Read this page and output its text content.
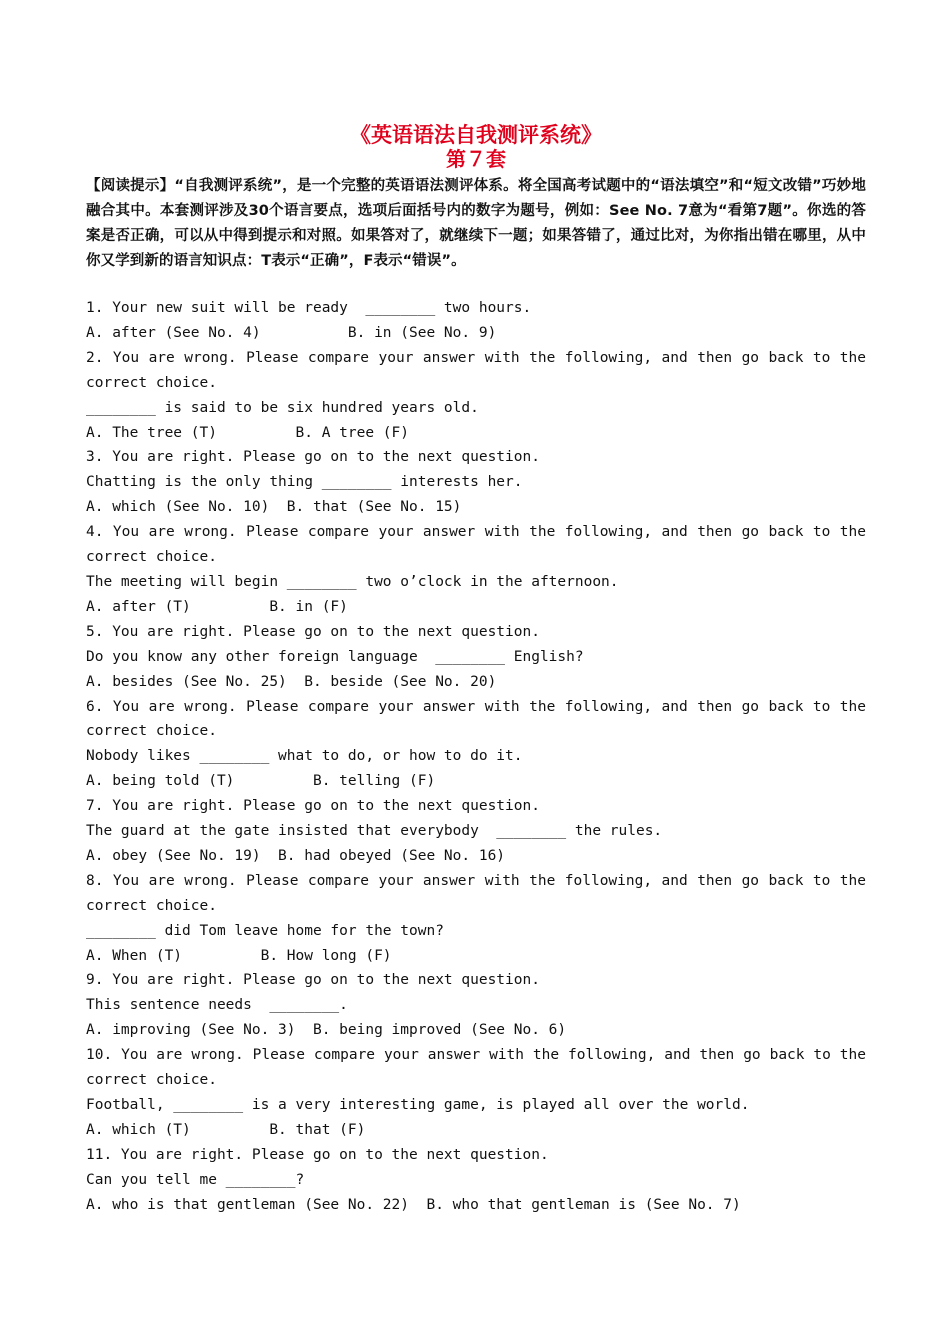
《英语语法自我测评系统》
第７套
【阅读提示】“自我测评系统”，是一个完整的英语语法测评体系。将全国高考试题中的“语法填空”和“短文改错”巧妙地融合其中。本套测评涉及30个语言要点，选项后面括号内的数字为题号，例如：See No. 7意为“看第7题”。你选的答案是否正确，可以从中得到提示和对照。如果答对了，就继续下一题；如果答错了，通过比对，为你指出错在哪里，从中你又学到新的语言知识点：T表示“正确”，F表示“错误”。
1. Your new suit will be ready  ________ two hours.
A. after (See No. 4)          B. in (See No. 9)
2. You are wrong. Please compare your answer with the following, and then go back to the correct choice.
________ is said to be six hundred years old.
A. The tree (T)         B. A tree (F)
3. You are right. Please go on to the next question.
Chatting is the only thing ________ interests her.
A. which (See No. 10)  B. that (See No. 15)
4. You are wrong. Please compare your answer with the following, and then go back to the correct choice.
The meeting will begin ________ two o’clock in the afternoon.
A. after (T)         B. in (F)
5. You are right. Please go on to the next question.
Do you know any other foreign language  ________ English?
A. besides (See No. 25)  B. beside (See No. 20)
6. You are wrong. Please compare your answer with the following, and then go back to the correct choice.
Nobody likes ________ what to do, or how to do it.
A. being told (T)         B. telling (F)
7. You are right. Please go on to the next question.
The guard at the gate insisted that everybody  ________ the rules.
A. obey (See No. 19)  B. had obeyed (See No. 16)
8. You are wrong. Please compare your answer with the following, and then go back to the correct choice.
________ did Tom leave home for the town?
A. When (T)         B. How long (F)
9. You are right. Please go on to the next question.
This sentence needs  ________.
A. improving (See No. 3)  B. being improved (See No. 6)
10. You are wrong. Please compare your answer with the following, and then go back to the correct choice.
Football, ________ is a very interesting game, is played all over the world.
A. which (T)         B. that (F)
11. You are right. Please go on to the next question.
Can you tell me ________?
A. who is that gentleman (See No. 22)  B. who that gentleman is (See No. 7)
